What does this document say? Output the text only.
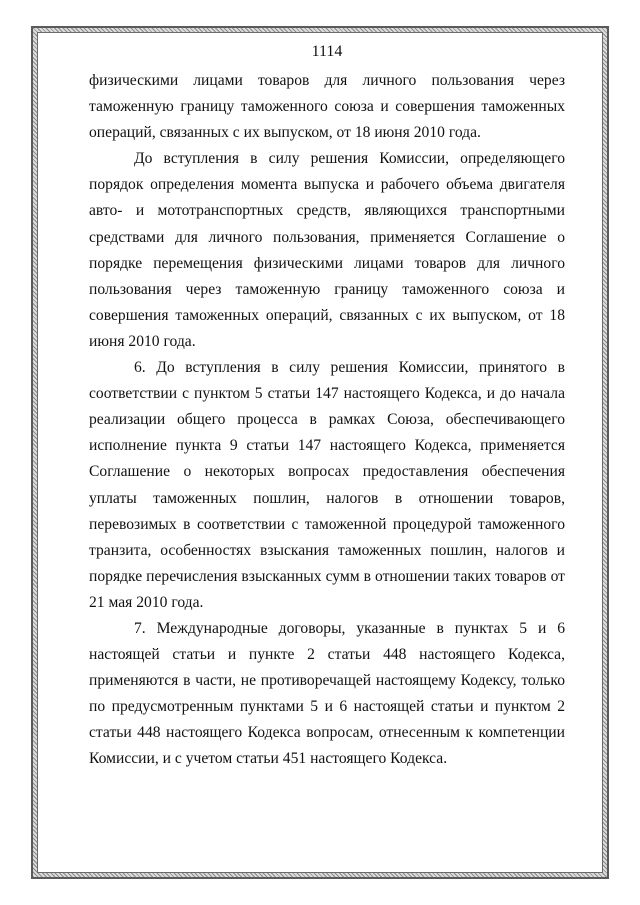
1114

физическими лицами товаров для личного пользования через таможенную границу таможенного союза и совершения таможенных операций, связанных с их выпуском, от 18 июня 2010 года.

До вступления в силу решения Комиссии, определяющего порядок определения момента выпуска и рабочего объема двигателя авто- и мототранспортных средств, являющихся транспортными средствами для личного пользования, применяется Соглашение о порядке перемещения физическими лицами товаров для личного пользования через таможенную границу таможенного союза и совершения таможенных операций, связанных с их выпуском, от 18 июня 2010 года.

6. До вступления в силу решения Комиссии, принятого в соответствии с пунктом 5 статьи 147 настоящего Кодекса, и до начала реализации общего процесса в рамках Союза, обеспечивающего исполнение пункта 9 статьи 147 настоящего Кодекса, применяется Соглашение о некоторых вопросах предоставления обеспечения уплаты таможенных пошлин, налогов в отношении товаров, перевозимых в соответствии с таможенной процедурой таможенного транзита, особенностях взыскания таможенных пошлин, налогов и порядке перечисления взысканных сумм в отношении таких товаров от 21 мая 2010 года.

7. Международные договоры, указанные в пунктах 5 и 6 настоящей статьи и пункте 2 статьи 448 настоящего Кодекса, применяются в части, не противоречащей настоящему Кодексу, только по предусмотренным пунктами 5 и 6 настоящей статьи и пунктом 2 статьи 448 настоящего Кодекса вопросам, отнесенным к компетенции Комиссии, и с учетом статьи 451 настоящего Кодекса.
